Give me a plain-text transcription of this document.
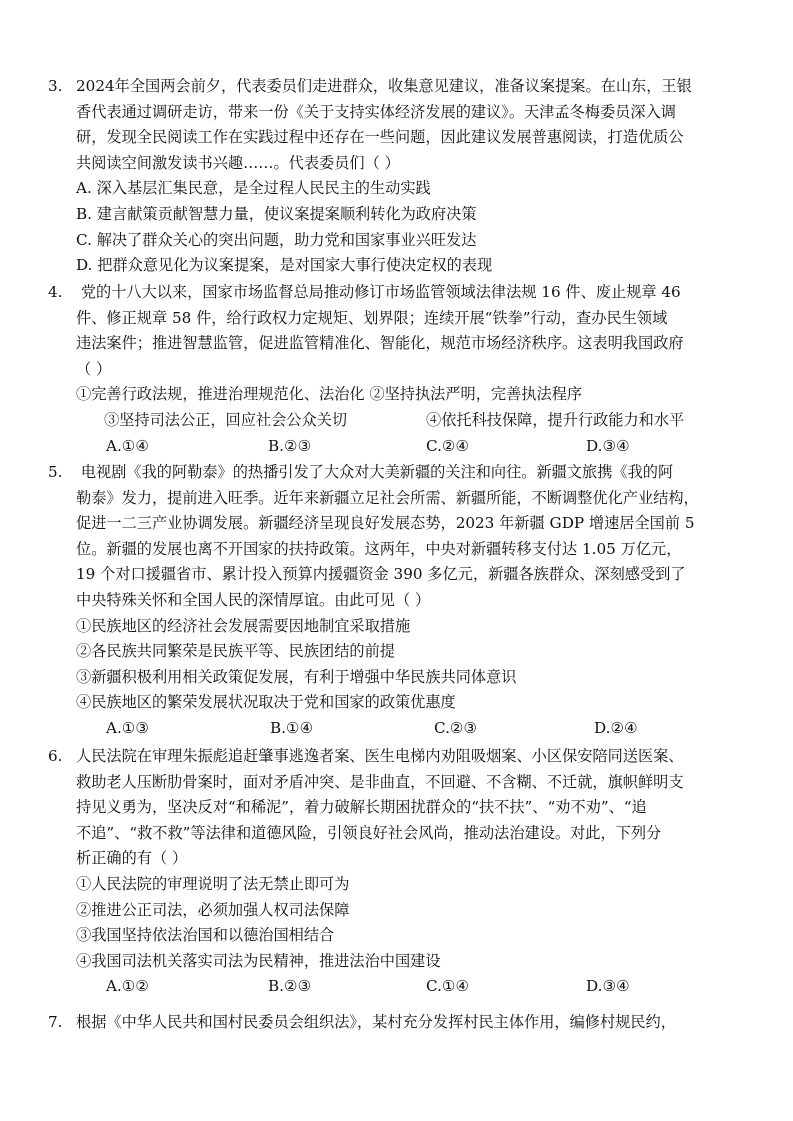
3. 2024年全国两会前夕，代表委员们走进群众，收集意见建议，准备议案提案。在山东，王银
香代表通过调研走访，带来一份《关于支持实体经济发展的建议》。天津孟冬梅委员深入调
研，发现全民阅读工作在实践过程中还存在一些问题，因此建议发展普惠阅读，打造优质公
共阅读空间激发读书兴趣……。代表委员们（ ）
A. 深入基层汇集民意，是全过程人民民主的生动实践
B. 建言献策贡献智慧力量，使议案提案顺利转化为政府决策
C. 解决了群众关心的突出问题，助力党和国家事业兴旺发达
D. 把群众意见化为议案提案，是对国家大事行使决定权的表现
4. 党的十八大以来，国家市场监督总局推动修订市场监管领域法律法规 16 件、废止规章 46
件、修正规章 58 件，给行政权力定规矩、划界限；连续开展“铁拳”行动，查办民生领域
违法案件；推进智慧监管，促进监管精准化、智能化，规范市场经济秩序。这表明我国政府
（ ）
①完善行政法规，推进治理规范化、法治化 ②坚持执法严明，完善执法程序
③坚持司法公正，回应社会公众关切	④依托科技保障，提升行政能力和水平
A.①④	B.②③	C.②④	D.③④
5. 电视剧《我的阿勒泰》的热播引发了大众对大美新疆的关注和向往。新疆文旅携《我的阿
勒泰》发力，提前进入旺季。近年来新疆立足社会所需、新疆所能，不断调整优化产业结构，
促进一二三产业协调发展。新疆经济呈现良好发展态势，2023 年新疆 GDP 增速居全国前 5
位。新疆的发展也离不开国家的扶持政策。这两年，中央对新疆转移支付达 1.05 万亿元，
19 个对口援疆省市、累计投入预算内援疆资金 390 多亿元，新疆各族群众、深刻感受到了
中央特殊关怀和全国人民的深情厚谊。由此可见（ ）
①民族地区的经济社会发展需要因地制宜采取措施
②各民族共同繁荣是民族平等、民族团结的前提
③新疆积极利用相关政策促发展，有利于增强中华民族共同体意识
④民族地区的繁荣发展状况取决于党和国家的政策优惠度
A.①③	B.①④	C.②③	D.②④
6. 人民法院在审理朱振彪追赶肇事逃逸者案、医生电梯内劝阻吸烟案、小区保安陪同送医案、
救助老人压断肋骨案时，面对矛盾冲突、是非曲直，不回避、不含糊、不迁就，旗帜鲜明支
持见义勇为，坚决反对“和稀泥”，着力破解长期困扰群众的“扶不扶”、“劝不劝”、“追
不追”、“救不救”等法律和道德风险，引领良好社会风尚，推动法治建设。对此，下列分
析正确的有（ ）
①人民法院的审理说明了法无禁止即可为
②推进公正司法，必须加强人权司法保障
③我国坚持依法治国和以德治国相结合
④我国司法机关落实司法为民精神，推进法治中国建设
A.①②	B.②③	C.①④	D.③④
7. 根据《中华人民共和国村民委员会组织法》，某村充分发挥村民主体作用，编修村规民约，
